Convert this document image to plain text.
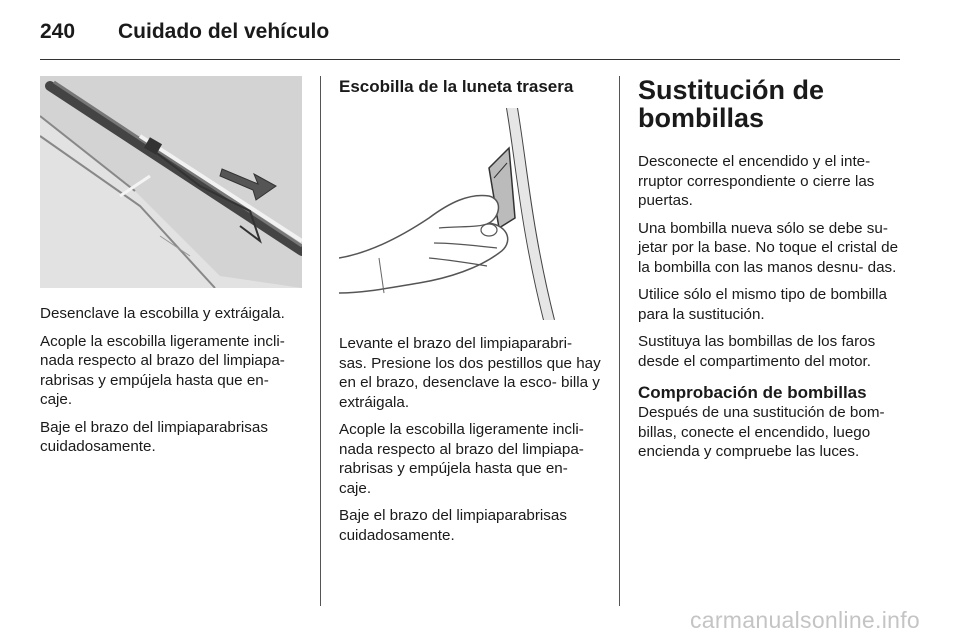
240 Cuidado del vehículo

Desenclave la escobilla y extráigala.

Acople la escobilla ligeramente incli- nada respecto al brazo del limpiapa- rabrisas y empújela hasta que en- caje.

Baje el brazo del limpiaparabrisas cuidadosamente.

Escobilla de la luneta trasera

Levante el brazo del limpiaparabri- sas. Presione los dos pestillos que hay en el brazo, desenclave la esco- billa y extráigala.

Acople la escobilla ligeramente incli- nada respecto al brazo del limpiapa- rabrisas y empújela hasta que en- caje.

Baje el brazo del limpiaparabrisas cuidadosamente.

Sustitución de bombillas

Desconecte el encendido y el inte- rruptor correspondiente o cierre las puertas.

Una bombilla nueva sólo se debe su- jetar por la base. No toque el cristal de la bombilla con las manos desnu- das.

Utilice sólo el mismo tipo de bombilla para la sustitución.

Sustituya las bombillas de los faros desde el compartimento del motor.

Comprobación de bombillas

Después de una sustitución de bom- billas, conecte el encendido, luego encienda y compruebe las luces.

carmanualsonline.info
